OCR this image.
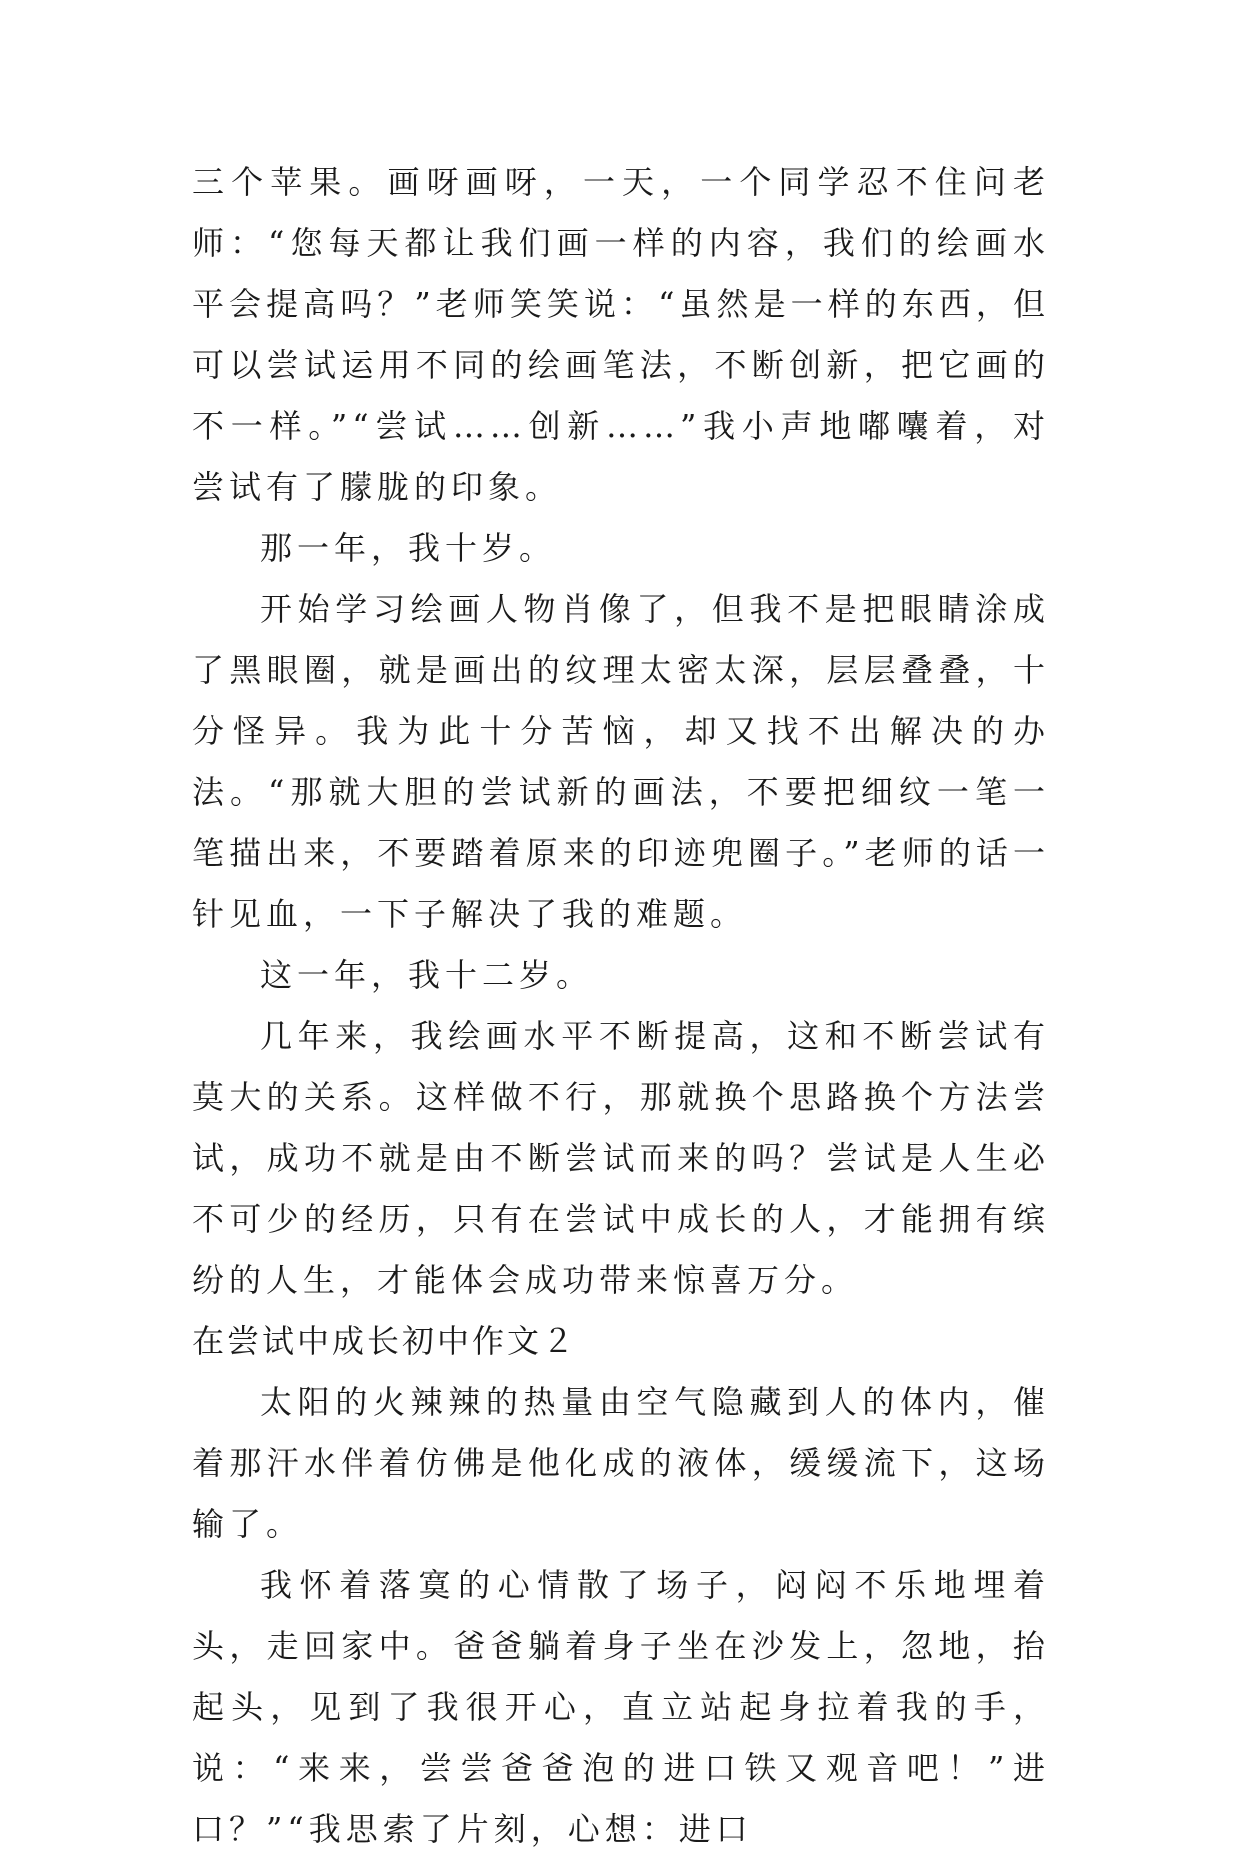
三个苹果。画呀画呀，一天，一个同学忍不住问老师：“您每天都让我们画一样的内容，我们的绘画水平会提高吗？”老师笑笑说：“虽然是一样的东西，但可以尝试运用不同的绘画笔法，不断创新，把它画的不一样。”“尝试……创新……”我小声地嘟囔着，对尝试有了朦胧的印象。

那一年，我十岁。

开始学习绘画人物肖像了，但我不是把眼睛涂成了黑眼圈，就是画出的纹理太密太深，层层叠叠，十分怪异。我为此十分苦恼，却又找不出解决的办法。“那就大胆的尝试新的画法，不要把细纹一笔一笔描出来，不要踏着原来的印迹兜圈子。”老师的话一针见血，一下子解决了我的难题。

这一年，我十二岁。

几年来，我绘画水平不断提高，这和不断尝试有莫大的关系。这样做不行，那就换个思路换个方法尝试，成功不就是由不断尝试而来的吗？尝试是人生必不可少的经历，只有在尝试中成长的人，才能拥有缤纷的人生，才能体会成功带来惊喜万分。

在尝试中成长初中作文２

太阳的火辣辣的热量由空气隐藏到人的体内，催着那汗水伴着仿佛是他化成的液体，缓缓流下，这场输了。

我怀着落寞的心情散了场子，闷闷不乐地埋着头，走回家中。爸爸躺着身子坐在沙发上，忽地，抬起头，见到了我很开心，直立站起身拉着我的手，说：“来来，尝尝爸爸泡的进口铁又观音吧！”进口？”“我思索了片刻，心想：进口
